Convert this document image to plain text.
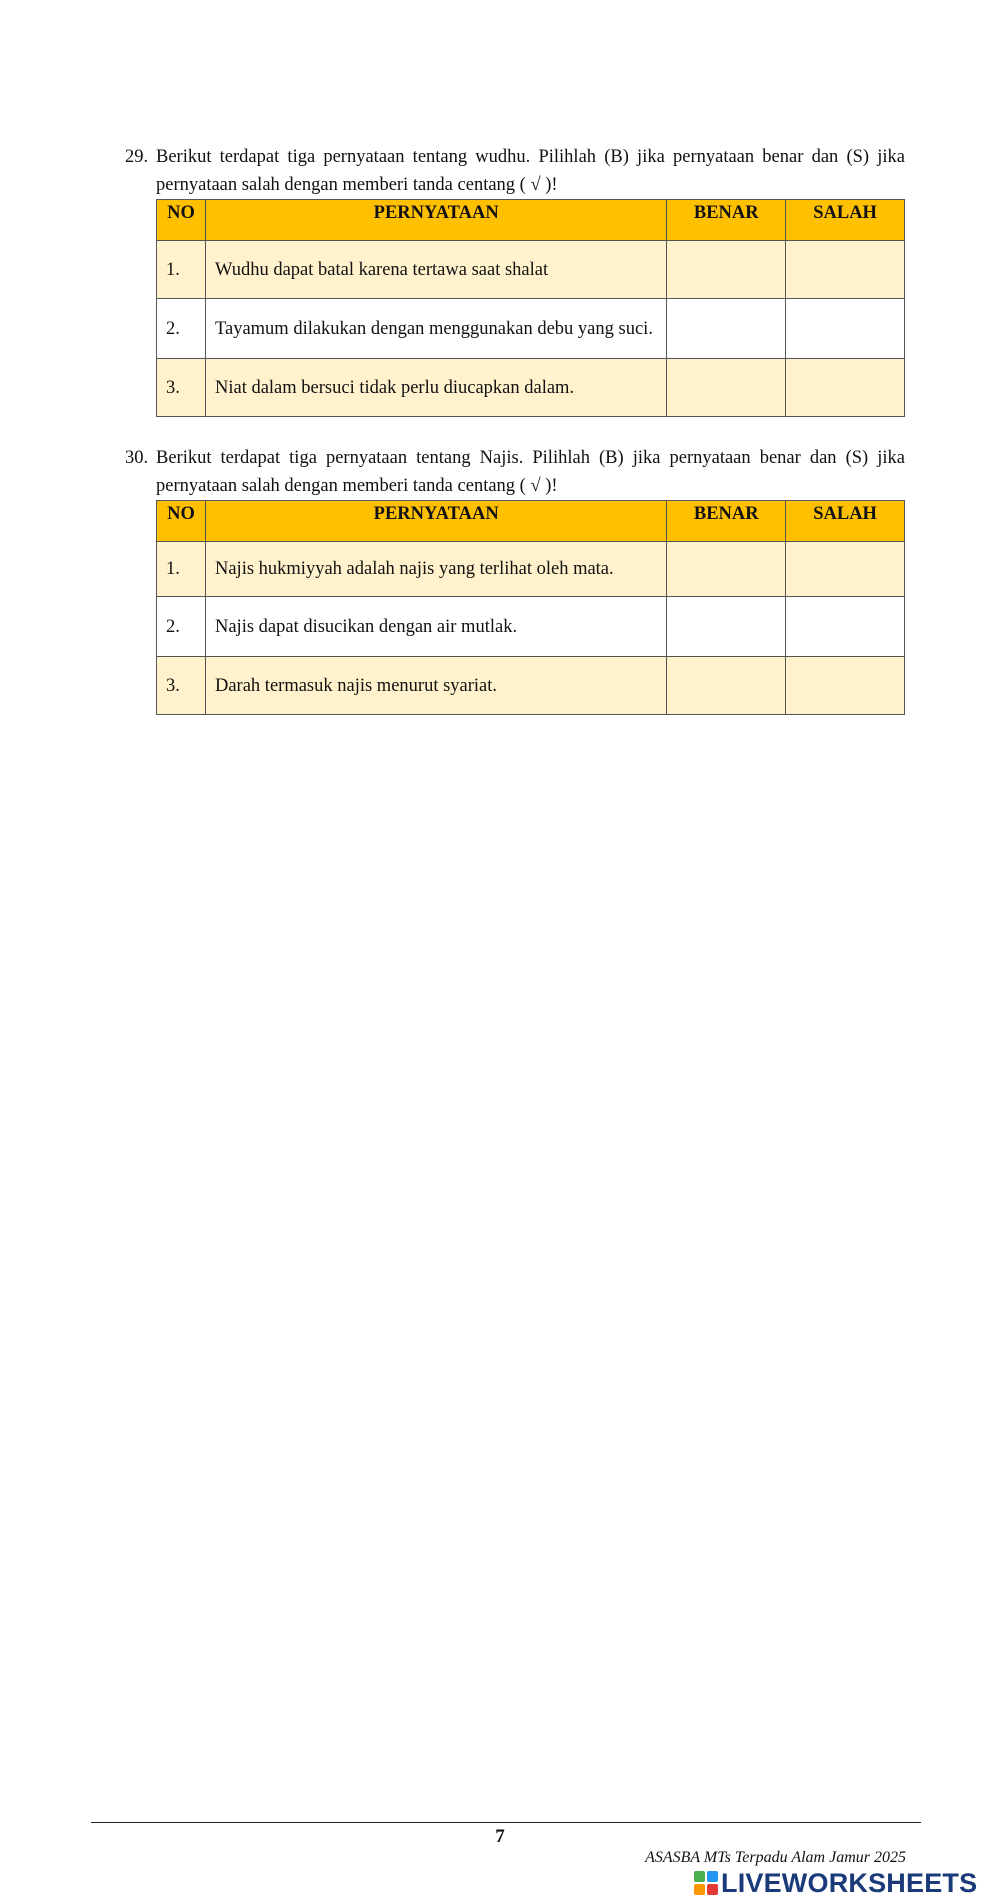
29. Berikut terdapat tiga pernyataan tentang wudhu. Pilihlah (B) jika pernyataan benar dan (S) jika pernyataan salah dengan memberi tanda centang ( √ )!

NO	PERNYATAAN	BENAR	SALAH
1.	Wudhu dapat batal karena tertawa saat shalat		
2.	Tayamum dilakukan dengan menggunakan debu yang suci.		
3.	Niat dalam bersuci tidak perlu diucapkan dalam.		

30. Berikut terdapat tiga pernyataan tentang Najis. Pilihlah (B) jika pernyataan benar dan (S) jika pernyataan salah dengan memberi tanda centang ( √ )!

NO	PERNYATAAN	BENAR	SALAH
1.	Najis hukmiyyah adalah najis yang terlihat oleh mata.		
2.	Najis dapat disucikan dengan air mutlak.		
3.	Darah termasuk najis menurut syariat.		
7
ASASBA MTs Terpadu Alam Jamur 2025
LIVEWORKSHEETS
